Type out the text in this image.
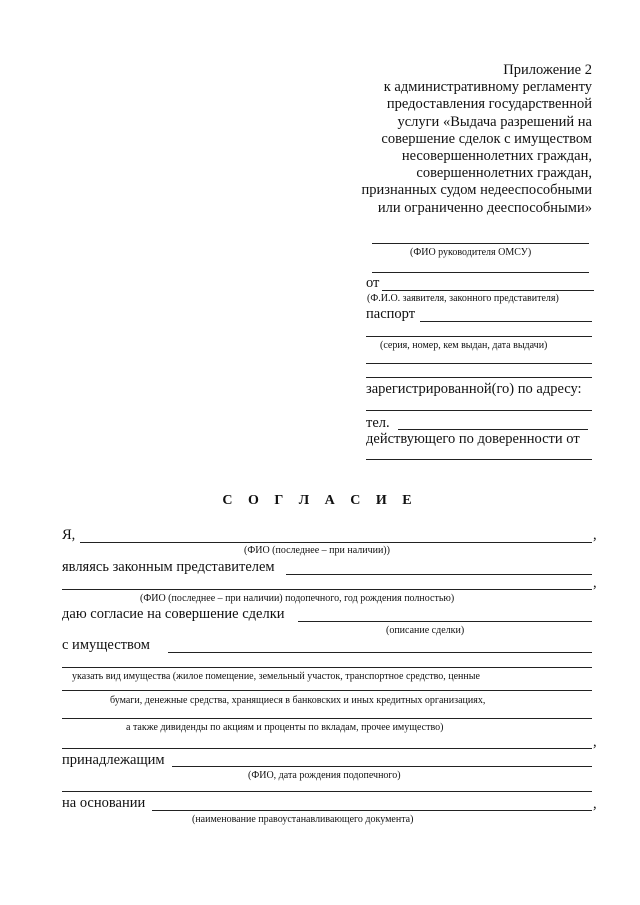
Приложение 2
к административному регламенту
предоставления государственной
услуги «Выдача разрешений на
совершение сделок с имуществом
несовершеннолетних граждан,
совершеннолетних граждан,
признанных судом недееспособными
или ограниченно дееспособными»
(ФИО руководителя ОМСУ)
от
(Ф.И.О. заявителя, законного представителя)
паспорт
(серия, номер, кем выдан, дата выдачи)
зарегистрированной(го) по адресу:
тел.
действующего по доверенности от
С О Г Л А С И Е
Я,	,
(ФИО (последнее – при наличии))
являясь законным представителем
,
(ФИО (последнее – при наличии) подопечного, год рождения полностью)
даю согласие на совершение сделки
(описание сделки)
с имуществом
указать вид имущества (жилое помещение, земельный участок, транспортное средство, ценные
бумаги, денежные средства, хранящиеся в банковских и иных кредитных организациях,
а также дивиденды по акциям и проценты по вкладам, прочее имущество)
,
принадлежащим
(ФИО, дата рождения подопечного)
на основании	,
(наименование правоустанавливающего документа)
